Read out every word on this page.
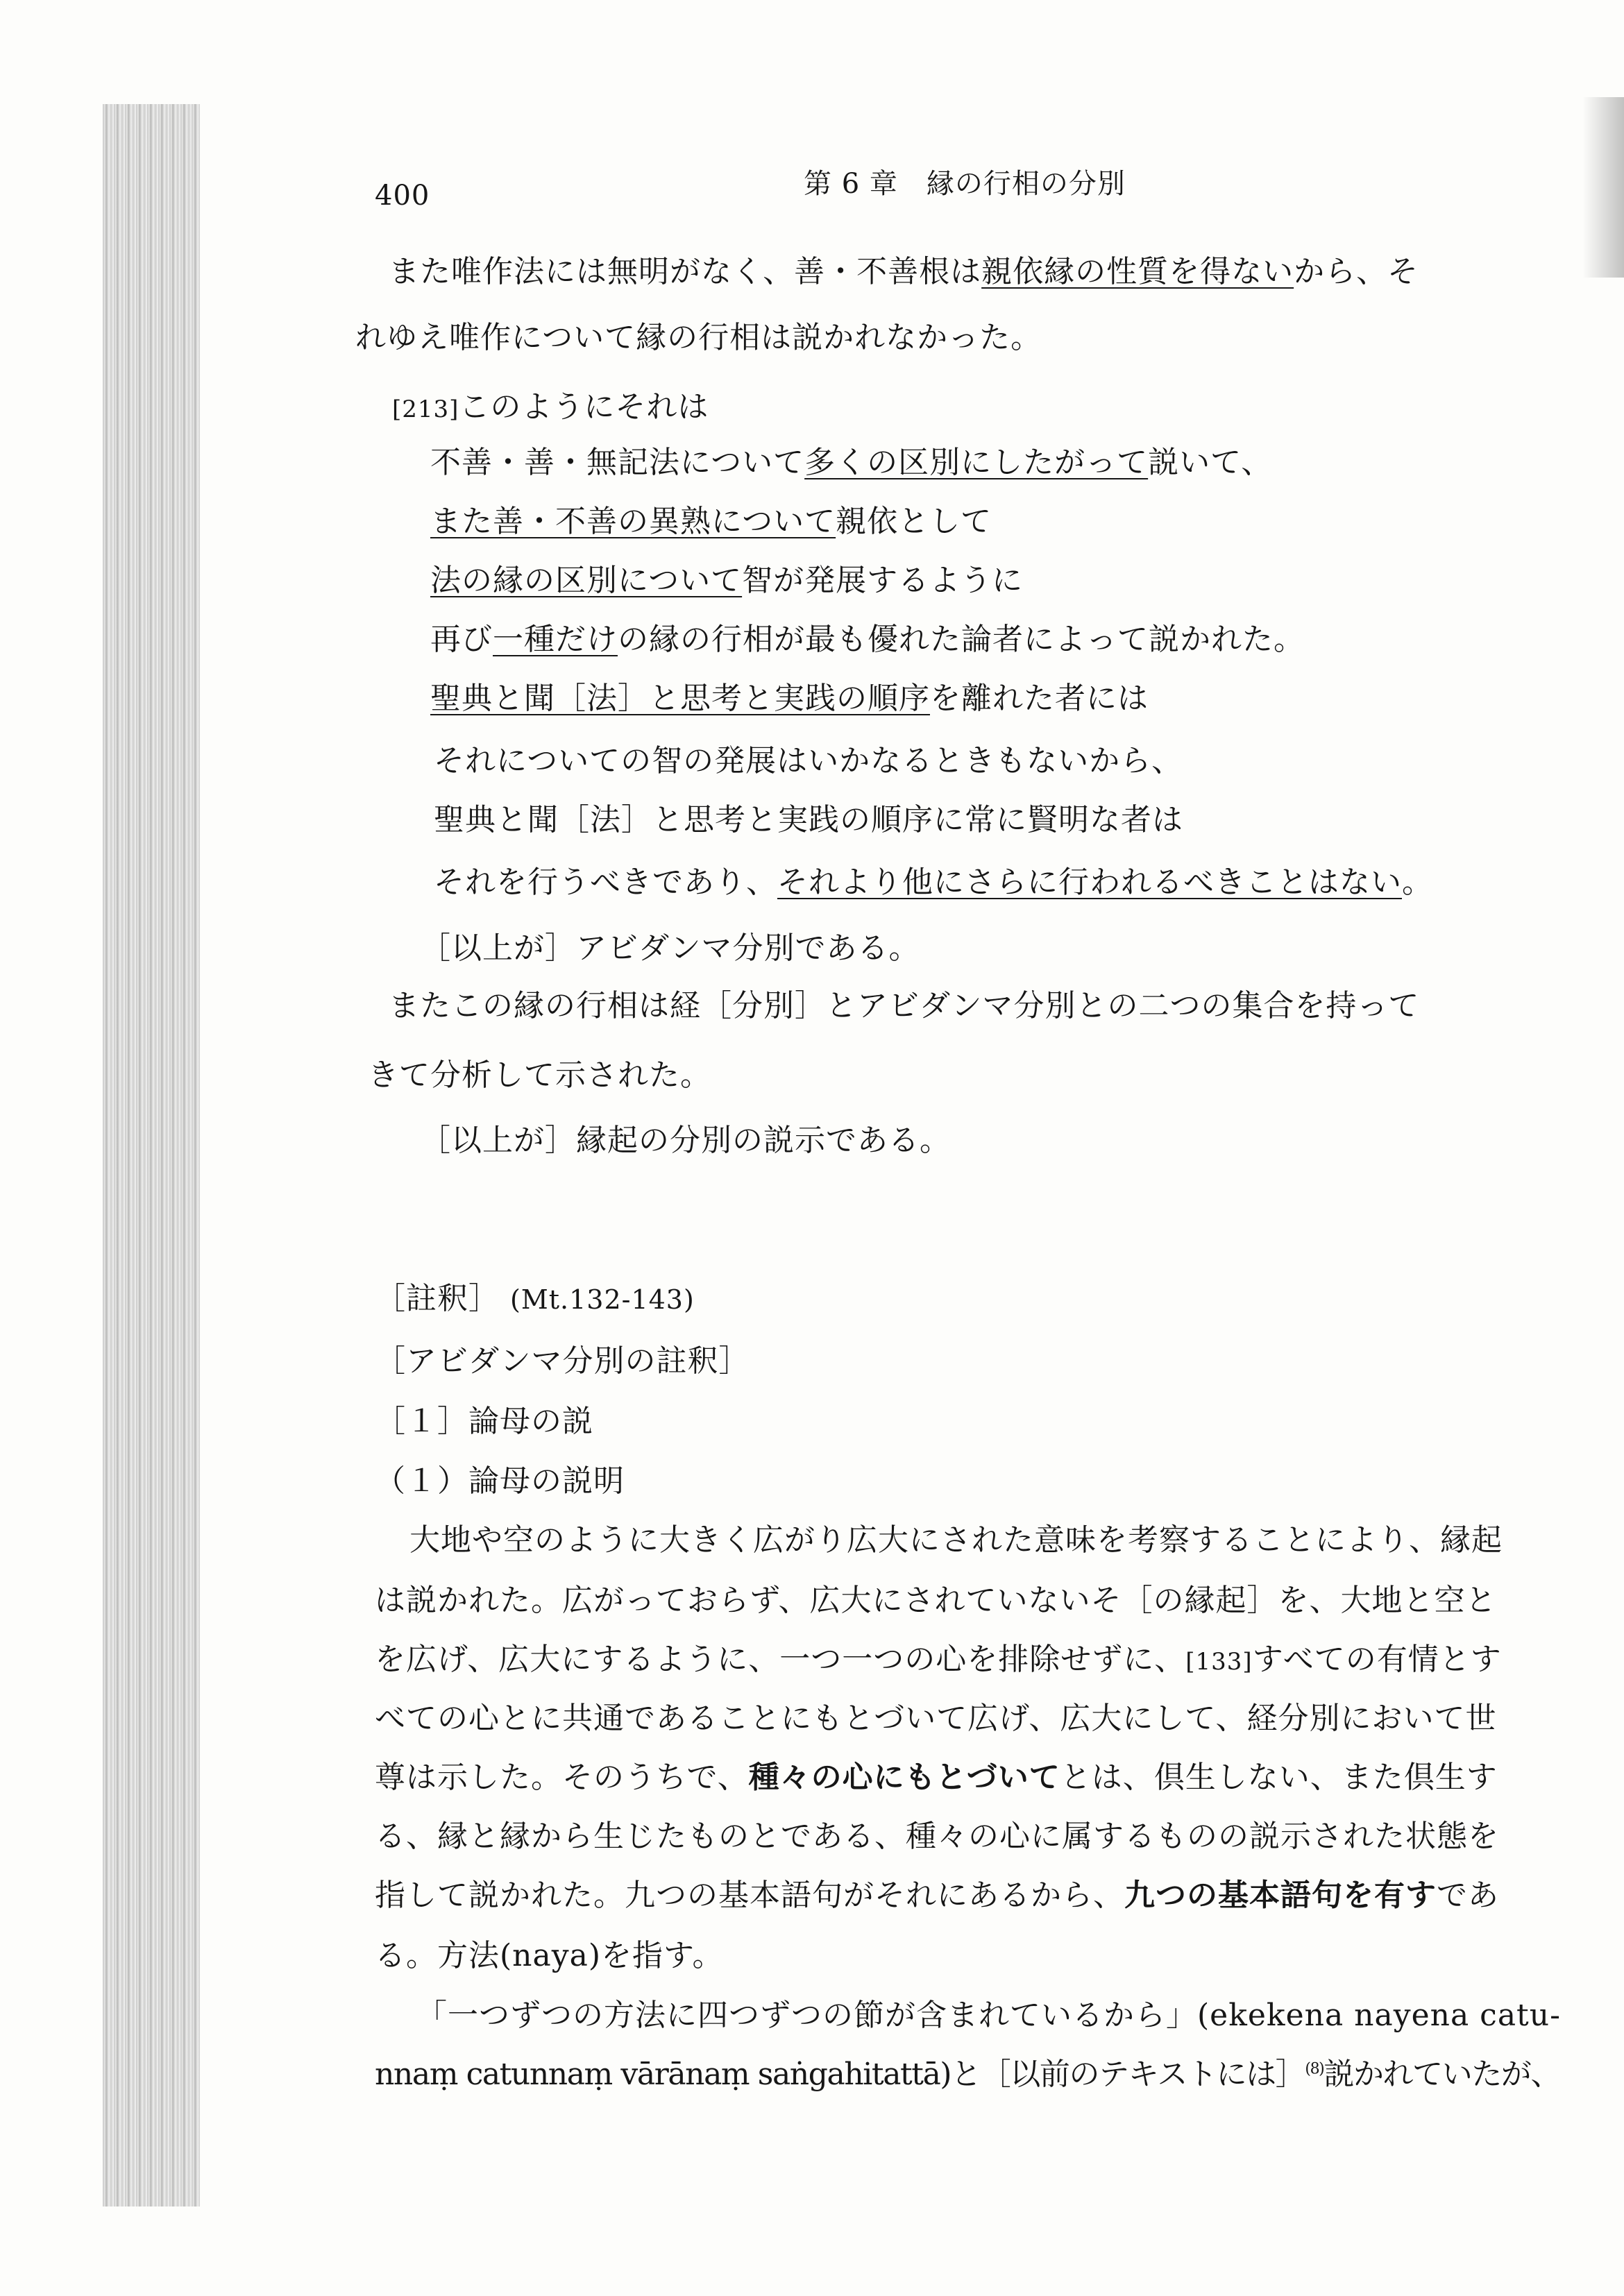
400	第 6 章　縁の行相の分別
また唯作法には無明がなく、善・不善根は親依縁の性質を得ないから、そ
れゆえ唯作について縁の行相は説かれなかった。
[213]このようにそれは
不善・善・無記法について多くの区別にしたがって説いて、
また善・不善の異熟について親依として
法の縁の区別について智が発展するように
再び一種だけの縁の行相が最も優れた論者によって説かれた。
聖典と聞［法］と思考と実践の順序を離れた者には
それについての智の発展はいかなるときもないから、
聖典と聞［法］と思考と実践の順序に常に賢明な者は
それを行うべきであり、それより他にさらに行われるべきことはない。
［以上が］アビダンマ分別である。
またこの縁の行相は経［分別］とアビダンマ分別との二つの集合を持って
きて分析して示された。
［以上が］縁起の分別の説示である。
［註釈］ (Mt.132-143)
［アビダンマ分別の註釈］
［１］論母の説
（１）論母の説明
大地や空のように大きく広がり広大にされた意味を考察することにより、縁起
は説かれた。広がっておらず、広大にされていないそ［の縁起］を、大地と空と
を広げ、広大にするように、一つ一つの心を排除せずに、[133]すべての有情とす
べての心とに共通であることにもとづいて広げ、広大にして、経分別において世
尊は示した。そのうちで、種々の心にもとづいてとは、倶生しない、また倶生す
る、縁と縁から生じたものとである、種々の心に属するものの説示された状態を
指して説かれた。九つの基本語句がそれにあるから、九つの基本語句を有すであ
る。方法(naya)を指す。
「一つずつの方法に四つずつの節が含まれているから」(ekekena nayena catu-
nnaṃ catunnaṃ vārānaṃ saṅgahitattā)と［以前のテキストには］$^{(8)}$説かれていたが、
